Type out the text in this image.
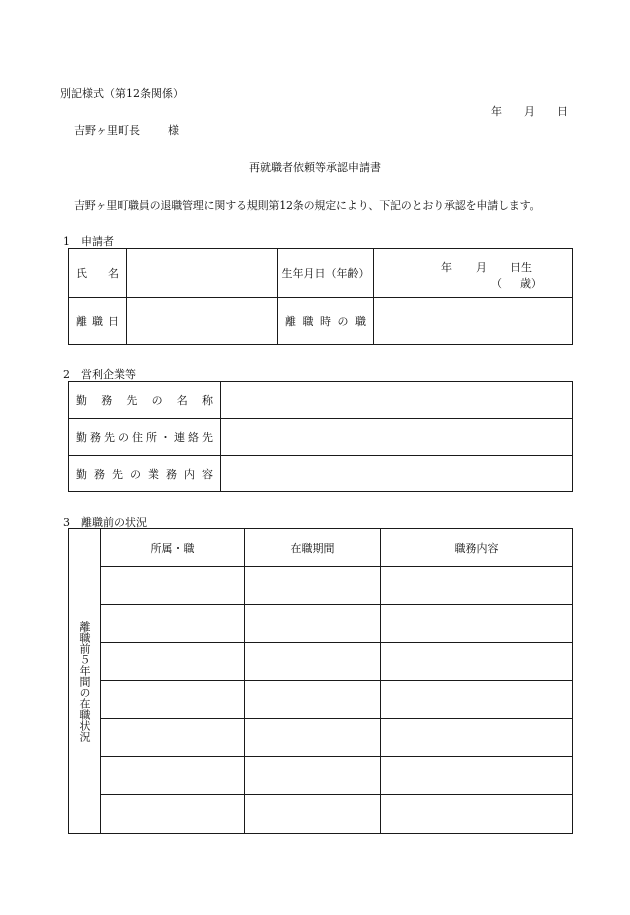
別記様式（第12条関係）
年 月 日
吉野ヶ里町長	様
再就職者依頼等承認申請書
吉野ヶ里町職員の退職管理に関する規則第12条の規定により、下記のとおり承認を申請します。
1　申請者
氏　名		生年月日（年齢）	年 月 日生
（ 歳）

離職日		離職時の職	
2　営利企業等
勤務先の名称	
勤務先の住所・連絡先	
勤務先の業務内容	
3　離職前の状況
離職前５年間の在職状況	所属・職	在職期間	職務内容
